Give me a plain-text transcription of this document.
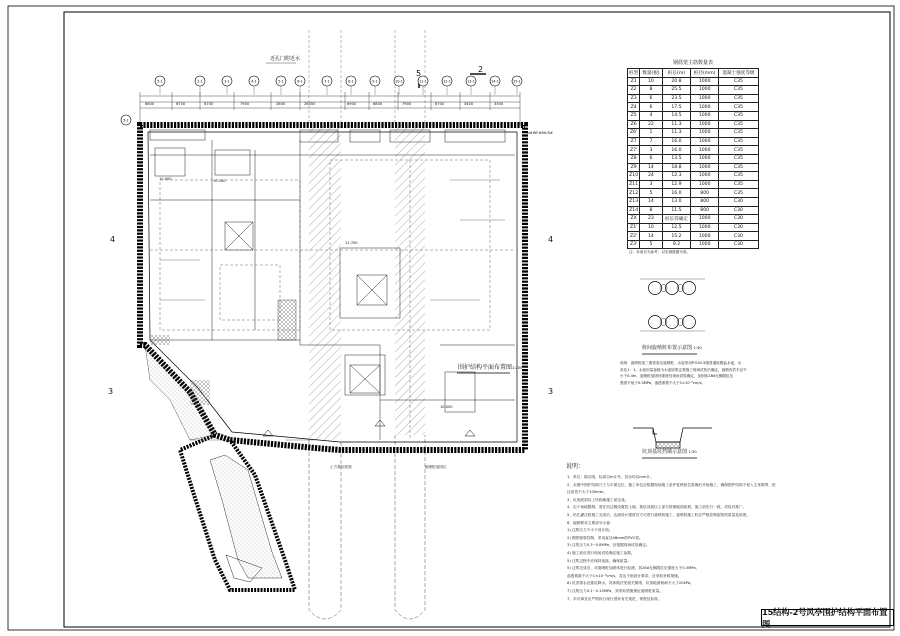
5-1	2-1	3-1	4-1	5-1	6-1	7-1	8-1	9-1	10-1	11-1	12-1	13-1	14-1	15-1
5-1
近孔门附近水
N#WF#BH/9#
5	2
4	4
3	3
6800	6700	6700	7900	2600	26450	6900	6800	7900	6700	3400	3300
10.900	10.100
11.700
10.000
土方基坑底面	旋喷桩加固区
围护结构平面布置图1:200
钢筋笼主筋数量表
桩型	数量(根)	桩长(m)	桩径(mm)	混凝土强度等级
Z1	10	20.8	1000	C35
Z2	8	25.5	1000	C35
Z3	6	23.5	1000	C35
Z4	6	17.5	1000	C35
Z5	4	14.5	1000	C35
Z6	22	11.3	1000	C35
Z6'	1	11.3	1000	C35
Z7	7	16.0	1000	C35
Z7'	3	16.0	1000	C35
Z8	6	13.5	1000	C35
Z9	14	18.8	1000	C35
Z10	24	12.3	1000	C35
Z11	3	12.9	1000	C35
Z12	5	16.0	800	C35
Z13	14	13.0	800	C30
Z14	8	11.5	800	C30
ZX	23	桩长待确定	1000	C30
Z1'	10	12.5	1000	C30
Z2'	14	15.2	1000	C30
Z3'	5	9.2	1000	C30
注：本表仅为参考，以实测数据为准。
桩间旋喷桩布置示意图 1:50
说明：旋喷桩加三重管高压旋喷桩，水泥采用P.O42.5级普通硅酸盐水泥，水
灰比1：1，水泥用量参数为水泥原浆注浆施工现场试验后确定，旋喷有效半径不
小于0.4m，旋喷桩加固体强度经现场试验确定，加固体28d无侧限抗压
强度不低于0.3MPa，渗透系数不大于1×10⁻⁶cm/s。
坑顶基坑挡墙示意图 1:50
说明：
1、单位：除注明，标高以m计外，其余均以mm计。
2、本图中围护结构尺寸与平面定位，施工单位应根据现场施工条件复核桩位准确后开始施工，确保围护结构不侵入主体限界，桩
径误差不大于100mm。
3、坑底底面以上结构地施工前完成。
4、由于场地限制，需在坑边侧设置挡土墙，基坑顶面以上部分按照地面放坡，施工前先行一段，试验后推广。
5、钻孔灌注桩施工完成后，达到设计强度后方可进行旋喷桩施工，旋喷桩施工时应严格控制泥浆的质量及浓度。
6、编制要求主要部分示意：
1) 注浆压力不小于设计值；
2) 钢管壁厚控制，采用直径48mm的PVC管。
3) 注浆压力0.3~0.8MPa，宜根据现场试验确定。
4) 施工前应进行现场试验确定施工参数。
5) 注浆过程中应保持连续，确保质量。
5) 注浆完成后，对旋喷桩加固体进行检测，其28d无侧限抗压强度大于0.3MPa，
渗透系数不大于1×10⁻⁶cm/s，若达不到设计要求，应采取补救措施。
6) 坑顶排水及基坑降水，具体做法见相关图纸，坑顶地面荷载不大于20kPa。
7) 注浆压力0.1~0.15MPa，须采取措施保证旋喷桩质量。
7、未尽事宜应严格执行现行国家有关规范、规程及标准。
15结构-2号风亭围护结构平面布置图
